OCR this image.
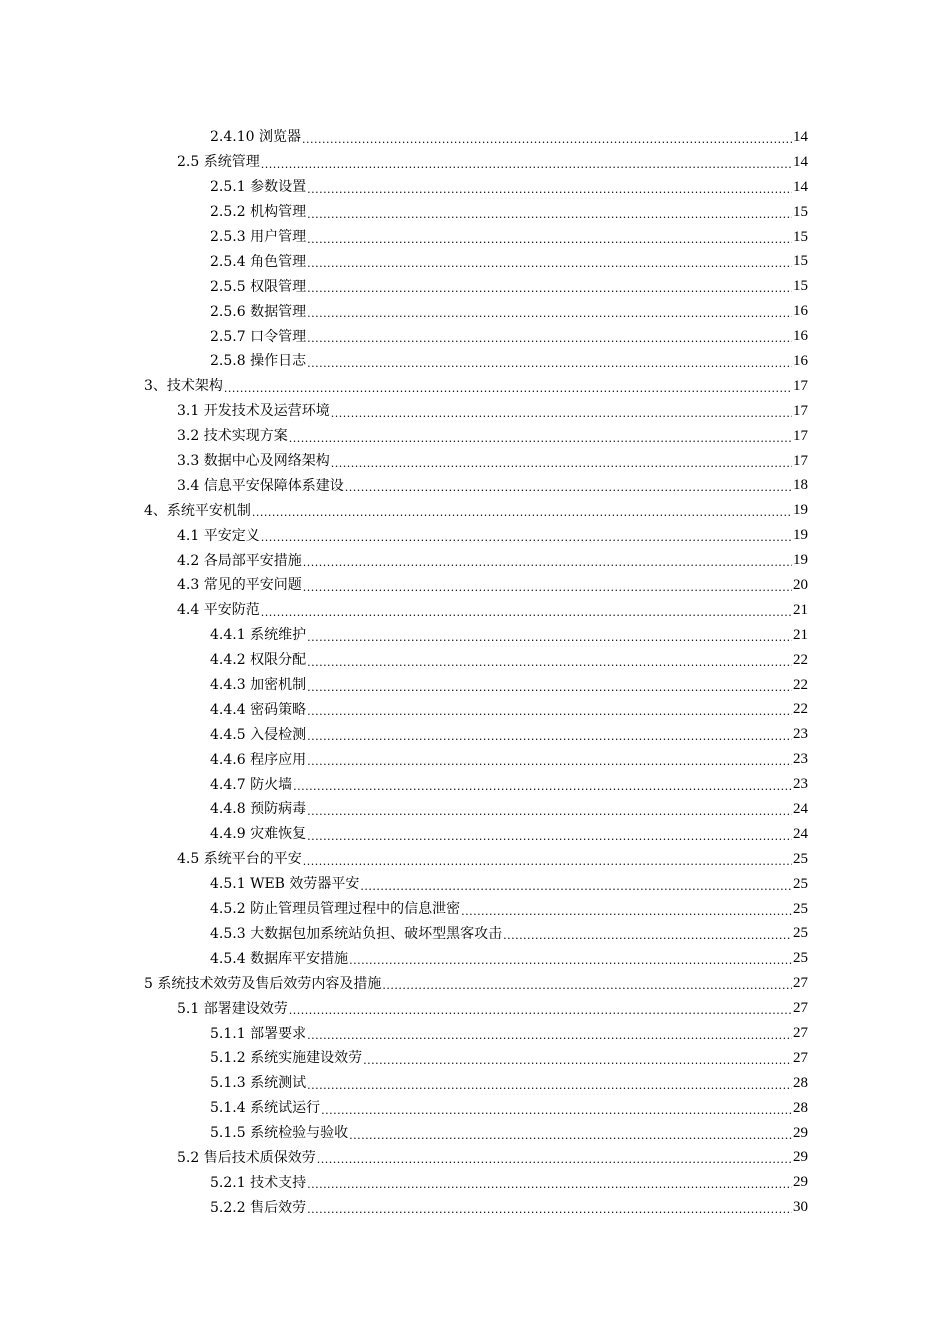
2.4.10 浏览器 .....	14
2.5 系统管理 .....	14
2.5.1 参数设置 .....	14
2.5.2 机构管理 .....	15
2.5.3 用户管理 .....	15
2.5.4 角色管理 .....	15
2.5.5 权限管理 .....	15
2.5.6 数据管理 .....	16
2.5.7 口令管理 .....	16
2.5.8 操作日志 .....	16
3、技术架构 .....	17
3.1 开发技术及运营环境 .....	17
3.2 技术实现方案 .....	17
3.3 数据中心及网络架构 .....	17
3.4 信息平安保障体系建设 .....	18
4、系统平安机制 .....	19
4.1 平安定义 .....	19
4.2 各局部平安措施 .....	19
4.3 常见的平安问题 .....	20
4.4 平安防范 .....	21
4.4.1 系统维护 .....	21
4.4.2 权限分配 .....	22
4.4.3 加密机制 .....	22
4.4.4 密码策略 .....	22
4.4.5 入侵检测 .....	23
4.4.6 程序应用 .....	23
4.4.7 防火墙 .....	23
4.4.8 预防病毒 .....	24
4.4.9 灾难恢复 .....	24
4.5 系统平台的平安 .....	25
4.5.1 WEB 效劳器平安 .....	25
4.5.2 防止管理员管理过程中的信息泄密 .....	25
4.5.3 大数据包加系统站负担、破坏型黑客攻击 .....	25
4.5.4 数据库平安措施 .....	25
5 系统技术效劳及售后效劳内容及措施 .....	27
5.1 部署建设效劳 .....	27
5.1.1 部署要求 .....	27
5.1.2 系统实施建设效劳 .....	27
5.1.3 系统测试 .....	28
5.1.4 系统试运行 .....	28
5.1.5 系统检验与验收 .....	29
5.2 售后技术质保效劳 .....	29
5.2.1 技术支持 .....	29
5.2.2 售后效劳 .....	30
